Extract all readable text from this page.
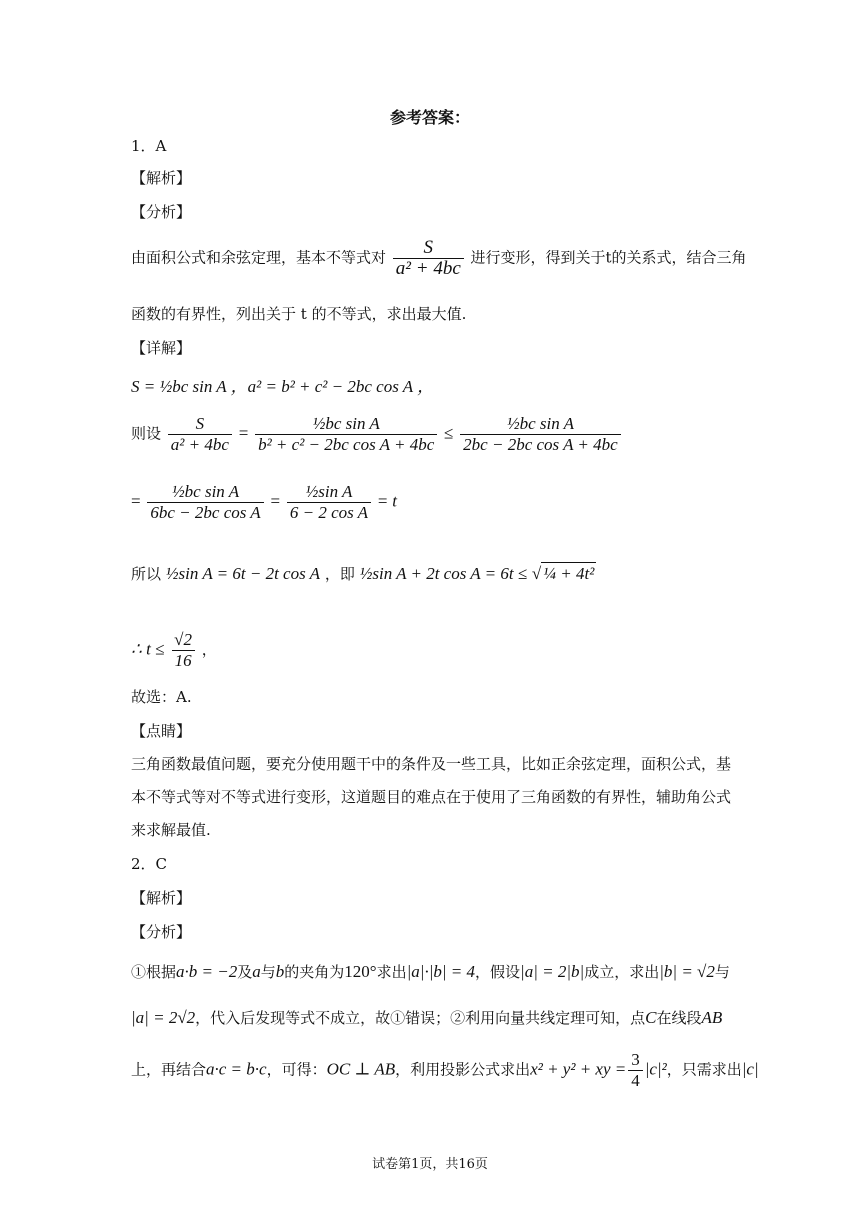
参考答案：
1．A
【解析】
【分析】
由面积公式和余弦定理，基本不等式对 $\frac{S}{\text{a² + 4bc}}$ 进行变形，得到关于t的关系式，结合三角
函数的有界性，列出关于 t 的不等式，求出最大值.
【详解】
S = ½bc sin A ，a² = b² + c² − 2bc cos A ，
则设 $\frac{S}{\text{a² + 4bc}} = \frac{\text{½bc sin A}}{\text{b² + c² − 2bc cos A + 4bc}} \le \frac{\text{½bc sin A}}{\text{2bc − 2bc cos A + 4bc}}$
= $\frac{\text{½bc sin A}}{\text{6bc − 2bc cos A}} = \frac{\text{½sin A}}{\text{6 − 2 cos A}} = t$
所以 ½sin A = 6t − 2t cos A ，即 ½sin A + 2t cos A = 6t ≤ √ ¼ + 4t²
∴ $t \le \frac{√2}{16}$ ，
故选：A.
【点睛】
三角函数最值问题，要充分使用题干中的条件及一些工具，比如正余弦定理，面积公式，基
本不等式等对不等式进行变形，这道题目的难点在于使用了三角函数的有界性，辅助角公式
来求解最值.
2．C
【解析】
【分析】
①根据a·b = −2及a与b的夹角为120°求出|a|·|b| = 4，假设|a| = 2|b|成立，求出|b| = √2与
|a| = 2√2，代入后发现等式不成立，故①错误；②利用向量共线定理可知，点C在线段AB
上，再结合a·c = b·c，可得：OC ⊥ AB，利用投影公式求出x² + y² + xy = $\frac{3}{4} |c|^2$，只需求出|c|
试卷第1页，共16页
